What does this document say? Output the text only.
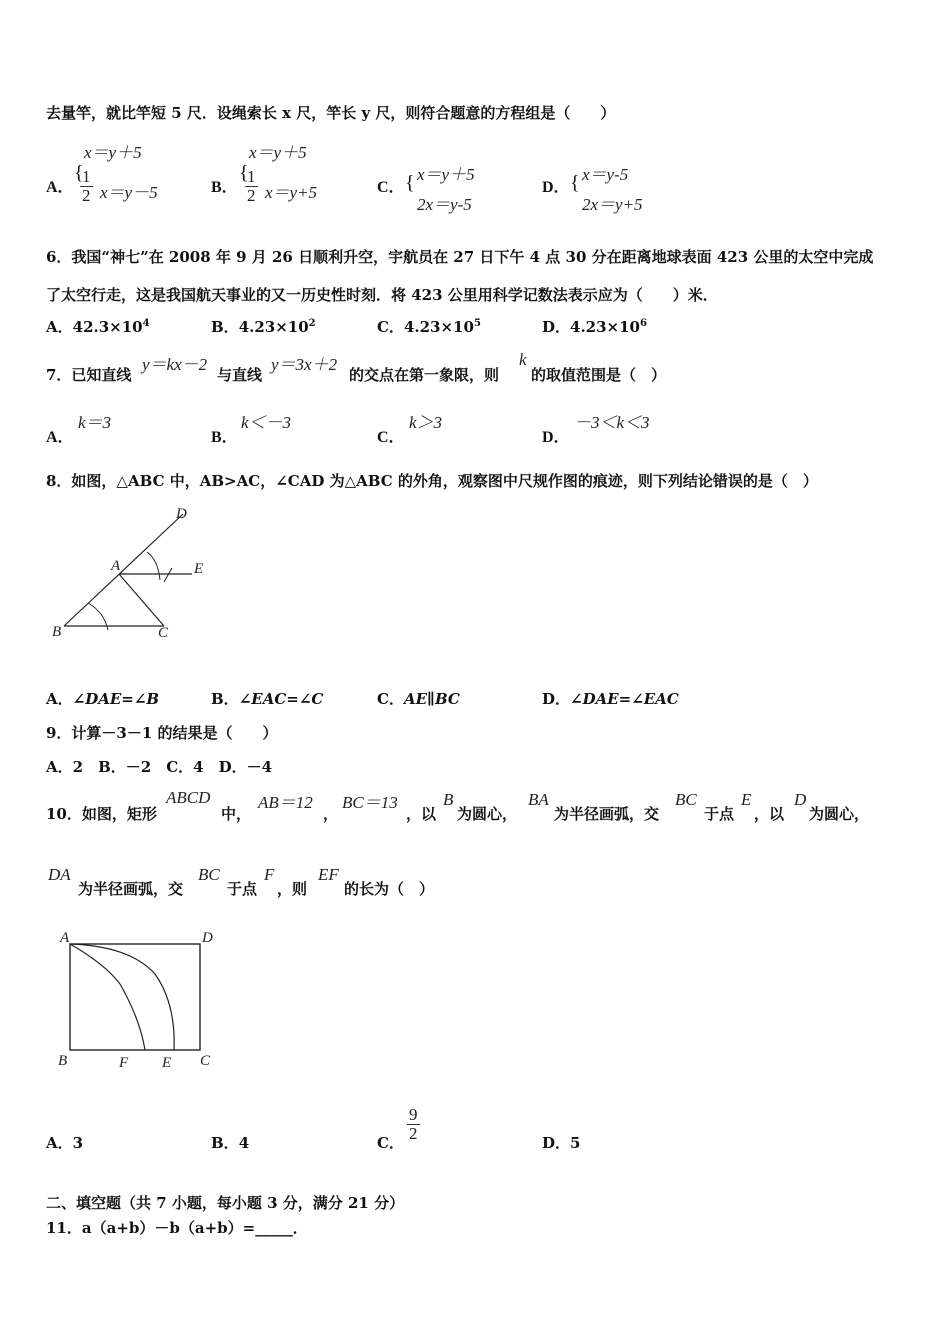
去量竿，就比竿短 5 尺．设绳索长 x 尺，竿长 y 尺，则符合题意的方程组是（　　）
A．
x＝y＋5
{
$\frac{1}{2} x=y-5$	B．
x＝y＋5
{
$\frac{1}{2} x=y+5$	C． { x＝y＋5
2x＝y-5
D． { x＝y-5
2x＝y+5
6．我国“神七”在 2008 年 9 月 26 日顺利升空，宇航员在 27 日下午 4 点 30 分在距离地球表面 423 公里的太空中完成
了太空行走，这是我国航天事业的又一历史性时刻．将 423 公里用科学记数法表示应为（　　）米．
A．$42.3\times 10^4$	B．$4.23\times 10^2$	C．$4.23\times 10^5$	D．$4.23\times 10^6$
7．已知直线
y＝kx－2
与直线
y＝3x＋2
的交点在第一象限，则
k
的取值范围是（　）
A．
k＝3
B．
k＜－3
C．
k＞3
D．
－3＜k＜3
8．如图，△ABC 中，AB>AC，∠CAD 为△ABC 的外角，观察图中尺规作图的痕迹，则下列结论错误的是（　）
D
A	E
B	C
A．∠DAE=∠B	B．∠EAC=∠C	C．AE∥BC	D．∠DAE=∠EAC
9．计算－3－1 的结果是（　　）
A．2　B．－2　C．4　D．－4
10．如图，矩形
ABCD
中，
AB＝12
，
BC＝13
，以
B
为圆心，
BA
为半径画弧，交
BC
于点
E
，以
D
为圆心，
DA
为半径画弧，交
BC
于点
F
，则
EF
的长为（　）
A	D
B	F E C
A．3	B．4	C． $\frac{9}{2}$	D．5
二、填空题（共 7 小题，每小题 3 分，满分 21 分）
11．a（a+b）－b（a+b）=_____．
